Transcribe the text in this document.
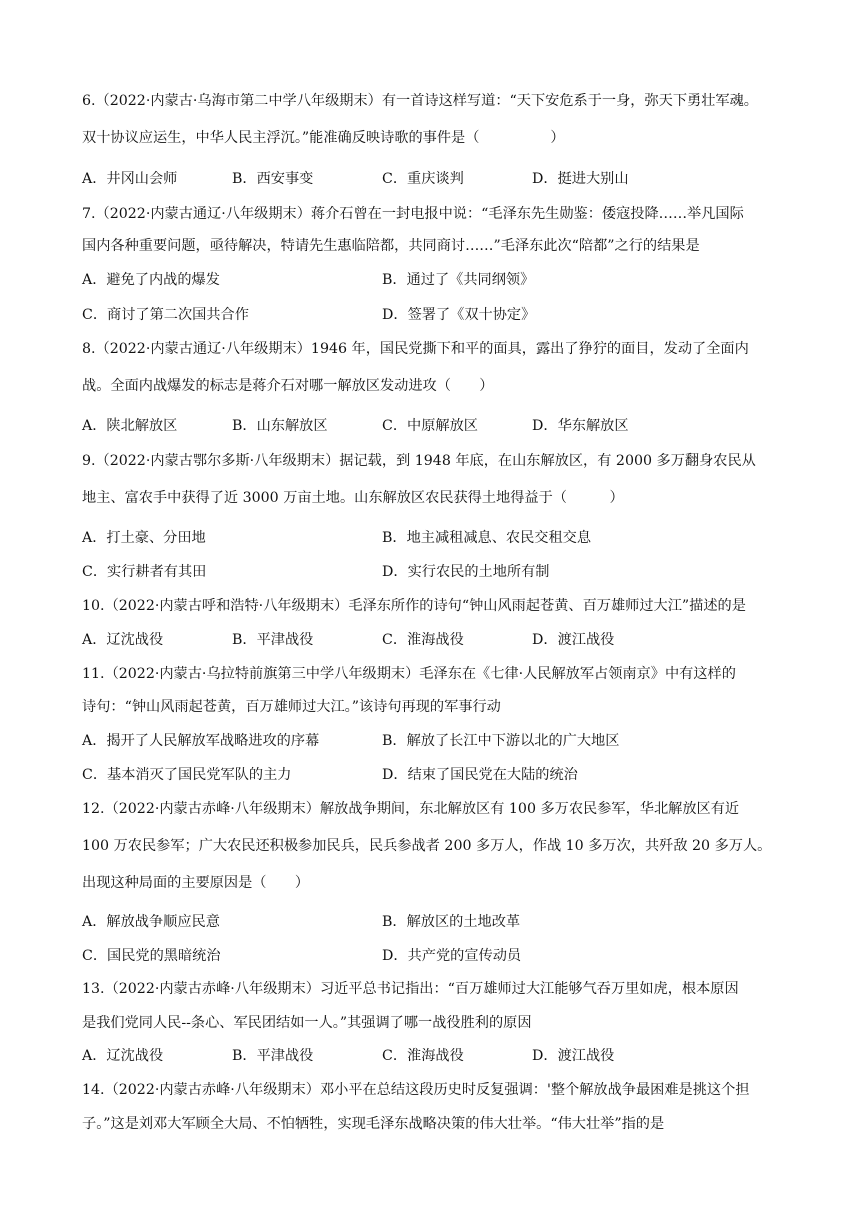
6.（2022·内蒙古·乌海市第二中学八年级期末）有一首诗这样写道：“天下安危系于一身，弥天下勇壮军魂。
双十协议应运生，中华人民主浮沉。”能准确反映诗歌的事件是（　　　　　）
A．井冈山会师	B．西安事变	C．重庆谈判	D．挺进大别山
7.（2022·内蒙古通辽·八年级期末）蒋介石曾在一封电报中说：“毛泽东先生勋鉴：倭寇投降……举凡国际
国内各种重要问题，亟待解决，特请先生惠临陪都，共同商讨……”毛泽东此次“陪都”之行的结果是
A．避免了内战的爆发	B．通过了《共同纲领》
C．商讨了第二次国共合作	D．签署了《双十协定》
8.（2022·内蒙古通辽·八年级期末）1946 年，国民党撕下和平的面具，露出了狰狞的面目，发动了全面内
战。全面内战爆发的标志是蒋介石对哪一解放区发动进攻（　　）
A．陕北解放区	B．山东解放区	C．中原解放区	D．华东解放区
9.（2022·内蒙古鄂尔多斯·八年级期末）据记载，到 1948 年底，在山东解放区，有 2000 多万翻身农民从
地主、富农手中获得了近 3000 万亩土地。山东解放区农民获得土地得益于（　　　）
A．打土豪、分田地	B．地主减租减息、农民交租交息
C．实行耕者有其田	D．实行农民的土地所有制
10.（2022·内蒙古呼和浩特·八年级期末）毛泽东所作的诗句“钟山风雨起苍黄、百万雄师过大江”描述的是
A．辽沈战役	B．平津战役	C．淮海战役	D．渡江战役
11.（2022·内蒙古·乌拉特前旗第三中学八年级期末）毛泽东在《七律·人民解放军占领南京》中有这样的
诗句：“钟山风雨起苍黄，百万雄师过大江。”该诗句再现的军事行动
A．揭开了人民解放军战略进攻的序幕	B．解放了长江中下游以北的广大地区
C．基本消灭了国民党军队的主力	D．结束了国民党在大陆的统治
12.（2022·内蒙古赤峰·八年级期末）解放战争期间，东北解放区有 100 多万农民参军，华北解放区有近
100 万农民参军；广大农民还积极参加民兵，民兵参战者 200 多万人，作战 10 多万次，共歼敌 20 多万人。
出现这种局面的主要原因是（　　）
A．解放战争顺应民意	B．解放区的土地改革
C．国民党的黑暗统治	D．共产党的宣传动员
13.（2022·内蒙古赤峰·八年级期末）习近平总书记指出：“百万雄师过大江能够气吞万里如虎，根本原因
是我们党同人民--条心、军民团结如一人。”其强调了哪一战役胜利的原因
A．辽沈战役	B．平津战役	C．淮海战役	D．渡江战役
14.（2022·内蒙古赤峰·八年级期末）邓小平在总结这段历史时反复强调：'整个解放战争最困难是挑这个担
子。”这是刘邓大军顾全大局、不怕牺牲，实现毛泽东战略决策的伟大壮举。“伟大壮举”指的是
